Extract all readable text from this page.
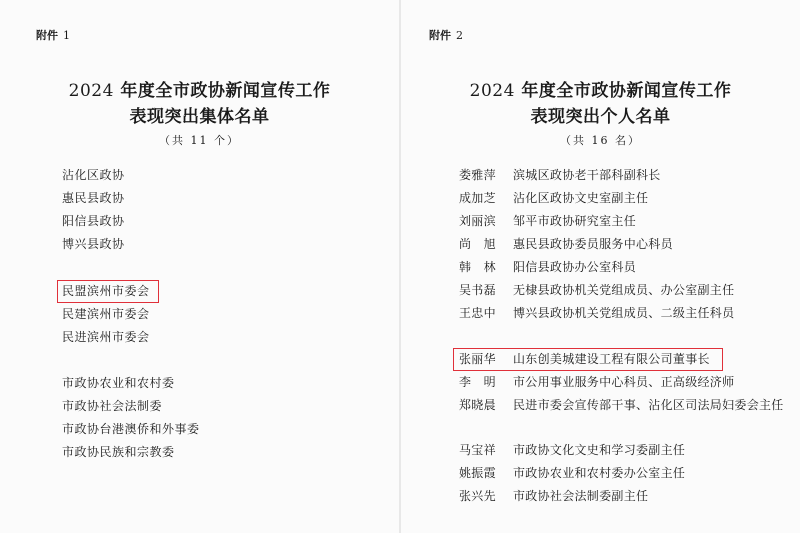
附件 1
2024 年度全市政协新闻宣传工作
表现突出集体名单
（共 11 个）
沾化区政协
惠民县政协
阳信县政协
博兴县政协
民盟滨州市委会
民建滨州市委会
民进滨州市委会
市政协农业和农村委
市政协社会法制委
市政协台港澳侨和外事委
市政协民族和宗教委
附件 2
2024 年度全市政协新闻宣传工作
表现突出个人名单
（共 16 名）
娄雅萍	滨城区政协老干部科副科长
成加芝	沾化区政协文史室副主任
刘丽滨	邹平市政协研究室主任
尚　旭	惠民县政协委员服务中心科员
韩　林	阳信县政协办公室科员
吴书磊	无棣县政协机关党组成员、办公室副主任
王忠中	博兴县政协机关党组成员、二级主任科员
张丽华	山东创美城建设工程有限公司董事长
李　明	市公用事业服务中心科员、正高级经济师
郑晓晨	民进市委会宣传部干事、沾化区司法局妇委会主任
马宝祥	市政协文化文史和学习委副主任
姚振霞	市政协农业和农村委办公室主任
张兴先	市政协社会法制委副主任
